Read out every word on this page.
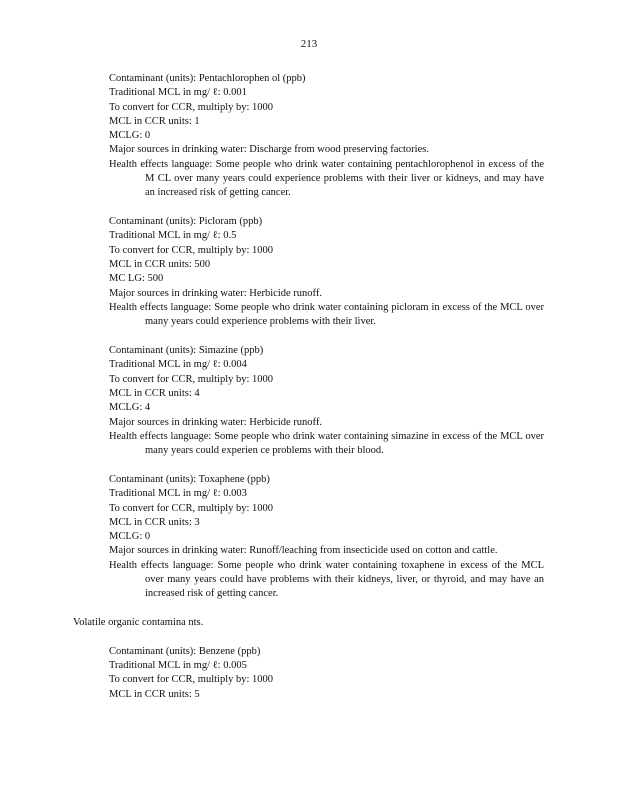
213
Contaminant (units): Pentachlorophen ol (ppb)
Traditional MCL in mg/ ℓ: 0.001
To convert for CCR, multiply by: 1000
MCL in CCR units: 1
MCLG: 0
Major sources in drinking water: Discharge from wood preserving factories.
Health effects language: Some people who drink water containing pentachlorophenol in excess of the M CL over many years could experience problems with their liver or kidneys, and may have an increased risk of getting cancer.
Contaminant (units): Picloram (ppb)
Traditional MCL in mg/ ℓ: 0.5
To convert for CCR, multiply by: 1000
MCL in CCR units: 500
MC LG: 500
Major sources in drinking water: Herbicide runoff.
Health effects language: Some people who drink water containing picloram in excess of the MCL over many years could experience problems with their liver.
Contaminant (units): Simazine (ppb)
Traditional MCL in mg/ ℓ: 0.004
To convert for CCR, multiply by: 1000
MCL in CCR units: 4
MCLG: 4
Major sources in drinking water: Herbicide runoff.
Health effects language: Some people who drink water containing simazine in excess of the MCL over many years could experien ce problems with their blood.
Contaminant (units): Toxaphene (ppb)
Traditional MCL in mg/ ℓ: 0.003
To convert for CCR, multiply by: 1000
MCL in CCR units: 3
MCLG: 0
Major sources in drinking water: Runoff/leaching from insecticide used on cotton and cattle.
Health effects language: Some people who drink water containing toxaphene in excess of the MCL over many years could have problems with their kidneys, liver, or thyroid, and may have an increased risk of getting cancer.
Volatile organic contamina nts.
Contaminant (units): Benzene (ppb)
Traditional MCL in mg/ ℓ: 0.005
To convert for CCR, multiply by: 1000
MCL in CCR units: 5
